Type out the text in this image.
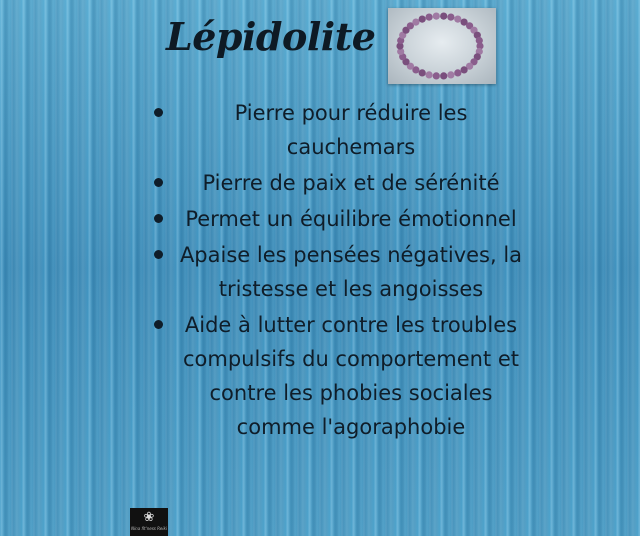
Lépidolite
Pierre pour réduire les cauchemars
Pierre de paix et de sérénité
Permet un équilibre émotionnel
Apaise les pensées négatives, la tristesse et les angoisses
Aide à lutter contre les troubles compulsifs du comportement et contre les phobies sociales comme l'agoraphobie
❀
Nina fit'ness Reiki
